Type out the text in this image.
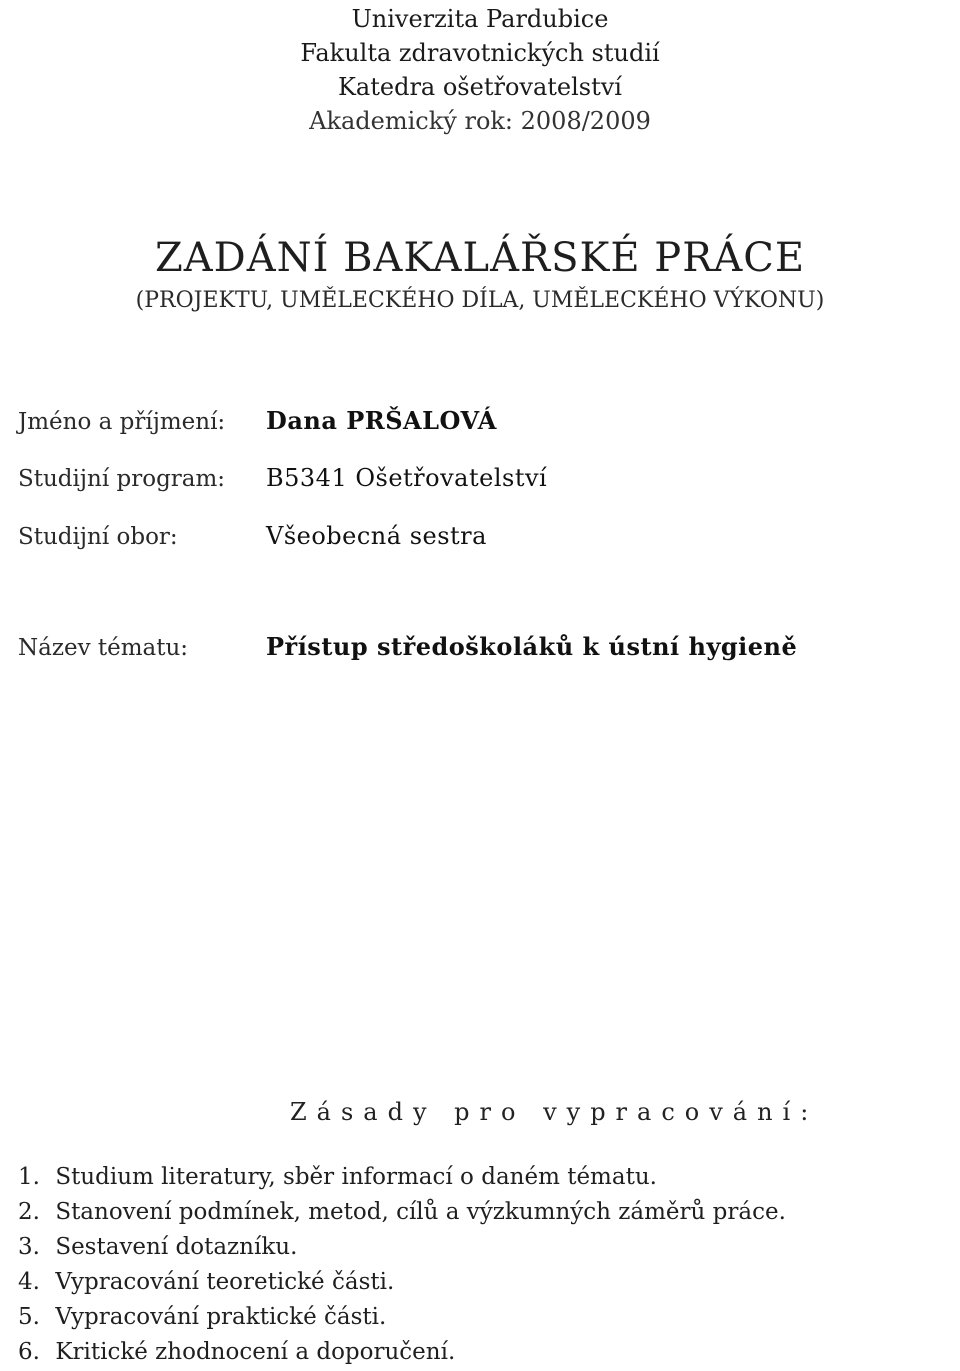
Univerzita Pardubice
Fakulta zdravotnických studií
Katedra ošetřovatelství
Akademický rok: 2008/2009
ZADÁNÍ BAKALÁŘSKÉ PRÁCE
(PROJEKTU, UMĚLECKÉHO DÍLA, UMĚLECKÉHO VÝKONU)
Jméno a příjmení:	Dana PRŠALOVÁ
Studijní program:	B5341 Ošetřovatelství
Studijní obor:	Všeobecná sestra
Název tématu:	Přístup středoškoláků k ústní hygieně
Zásady pro vypracování:
1. Studium literatury, sběr informací o daném tématu.
2. Stanovení podmínek, metod, cílů a výzkumných záměrů práce.
3. Sestavení dotazníku.
4. Vypracování teoretické části.
5. Vypracování praktické části.
6. Kritické zhodnocení a doporučení.
